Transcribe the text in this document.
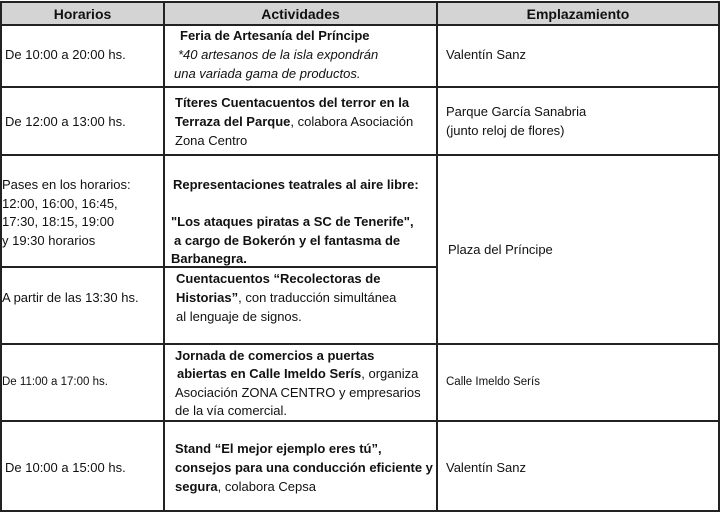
Horarios	Actividades	Emplazamiento
De 10:00 a 20:00 hs.
Feria de Artesanía del Príncipe
*40 artesanos de la isla expondrán
una variada gama de productos.
Valentín Sanz
De 12:00 a 13:00 hs.
Títeres Cuentacuentos del terror en la
Terraza del Parque, colabora Asociación
Zona Centro
Parque García Sanabria
(junto reloj de flores)
Pases en los horarios:
12:00, 16:00, 16:45,
17:30, 18:15, 19:00
y 19:30 horarios
Representaciones teatrales al aire libre:
"Los ataques piratas a SC de Tenerife",
a cargo de Bokerón y el fantasma de
Barbanegra.
A partir de las 13:30 hs.
Cuentacuentos “Recolectoras de
Historias”, con traducción simultánea
al lenguaje de signos.
Plaza del Príncipe
De 11:00 a 17:00 hs.
Jornada de comercios a puertas
abiertas en Calle Imeldo Serís, organiza
Asociación ZONA CENTRO y empresarios
de la vía comercial.
Calle Imeldo Serís
De 10:00 a 15:00 hs.
Stand “El mejor ejemplo eres tú”,
consejos para una conducción eficiente y
segura, colabora Cepsa
Valentín Sanz
